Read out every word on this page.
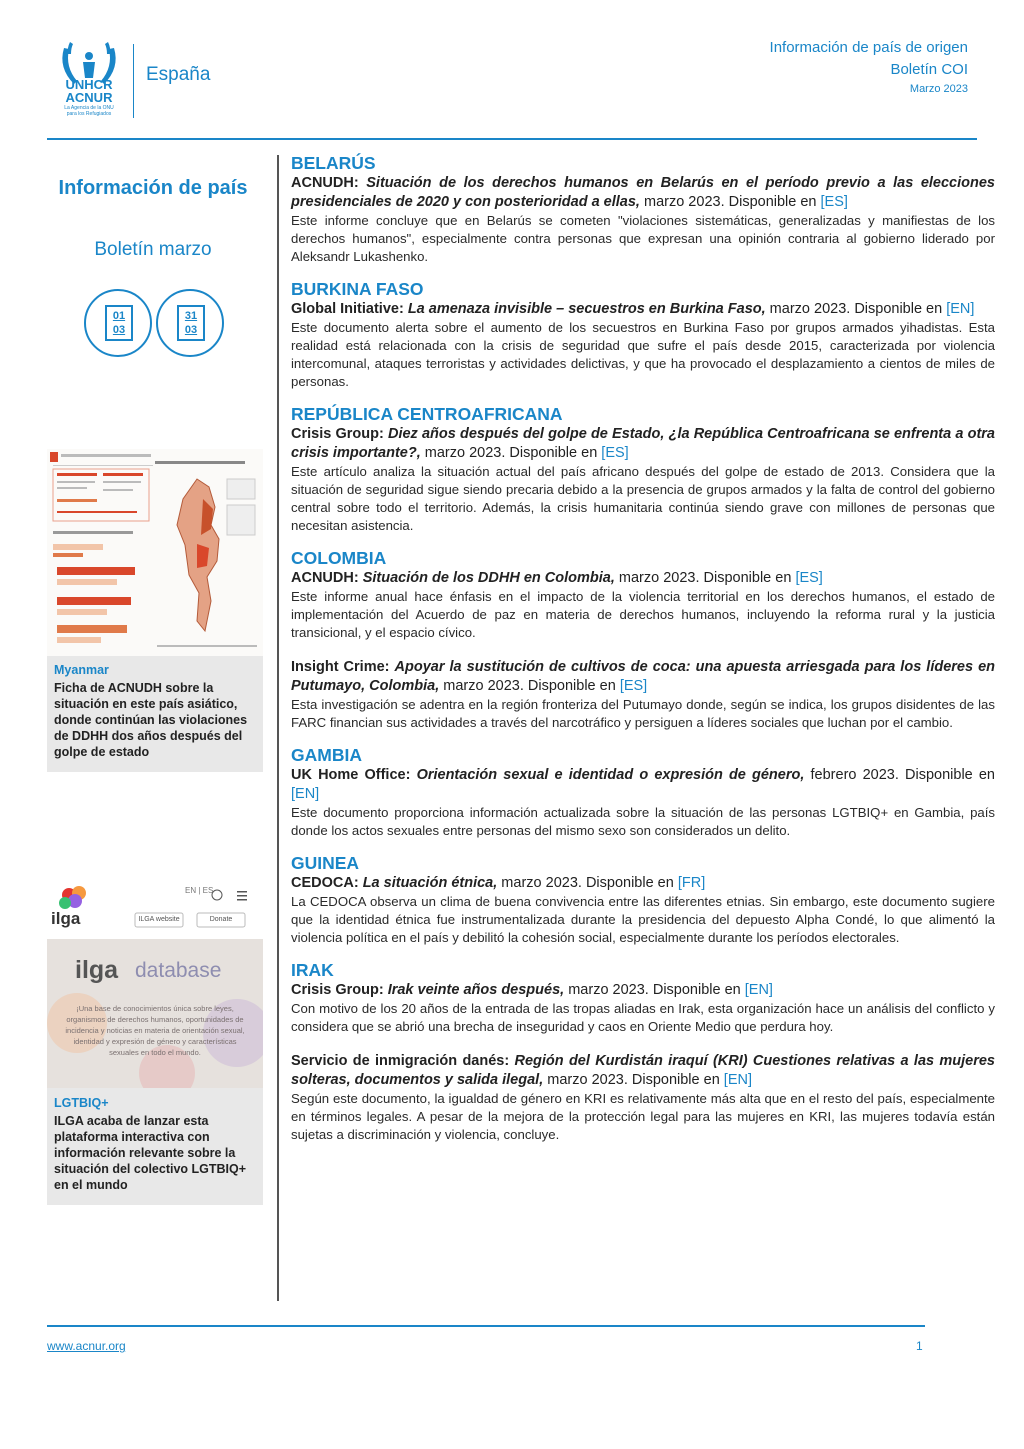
UNHCR
ACNUR
La Agencia de la ONU para los Refugiados
España
Información de país de origen
Boletín COI
Marzo 2023
Información de país
Boletín marzo
01
03
31
03
Myanmar
Ficha de ACNUDH sobre la situación en este país asiático, donde continúan las violaciones de DDHH dos años después del golpe de estado
ilga
EN | ES
ILGA website	Donate
ilga database
¡Una base de conocimientos única sobre leyes, organismos de derechos humanos, oportunidades de incidencia y noticias en materia de orientación sexual, identidad y expresión de género y características sexuales en todo el mundo.
LGTBIQ+
ILGA acaba de lanzar esta plataforma interactiva con información relevante sobre la situación del colectivo LGTBIQ+ en el mundo
BELARÚS

ACNUDH: Situación de los derechos humanos en Belarús en el período previo a las elecciones presidenciales de 2020 y con posterioridad a ellas, marzo 2023. Disponible en [ES]

Este informe concluye que en Belarús se cometen "violaciones sistemáticas, generalizadas y manifiestas de los derechos humanos", especialmente contra personas que expresan una opinión contraria al gobierno liderado por Aleksandr Lukashenko.

BURKINA FASO

Global Initiative: La amenaza invisible – secuestros en Burkina Faso, marzo 2023. Disponible en [EN]

Este documento alerta sobre el aumento de los secuestros en Burkina Faso por grupos armados yihadistas. Esta realidad está relacionada con la crisis de seguridad que sufre el país desde 2015, caracterizada por violencia intercomunal, ataques terroristas y actividades delictivas, y que ha provocado el desplazamiento a cientos de miles de personas.

REPÚBLICA CENTROAFRICANA

Crisis Group: Diez años después del golpe de Estado, ¿la República Centroafricana se enfrenta a otra crisis importante?, marzo 2023. Disponible en [ES]

Este artículo analiza la situación actual del país africano después del golpe de estado de 2013. Considera que la situación de seguridad sigue siendo precaria debido a la presencia de grupos armados y la falta de control del gobierno central sobre todo el territorio. Además, la crisis humanitaria continúa siendo grave con millones de personas que necesitan asistencia.

COLOMBIA

ACNUDH: Situación de los DDHH en Colombia, marzo 2023. Disponible en [ES]

Este informe anual hace énfasis en el impacto de la violencia territorial en los derechos humanos, el estado de implementación del Acuerdo de paz en materia de derechos humanos, incluyendo la reforma rural y la justicia transicional, y el espacio cívico.

Insight Crime: Apoyar la sustitución de cultivos de coca: una apuesta arriesgada para los líderes en Putumayo, Colombia, marzo 2023. Disponible en [ES]

Esta investigación se adentra en la región fronteriza del Putumayo donde, según se indica, los grupos disidentes de las FARC financian sus actividades a través del narcotráfico y persiguen a líderes sociales que luchan por el cambio.

GAMBIA

UK Home Office: Orientación sexual e identidad o expresión de género, febrero 2023. Disponible en [EN]

Este documento proporciona información actualizada sobre la situación de las personas LGTBIQ+ en Gambia, país donde los actos sexuales entre personas del mismo sexo son considerados un delito.

GUINEA

CEDOCA: La situación étnica, marzo 2023. Disponible en [FR]

La CEDOCA observa un clima de buena convivencia entre las diferentes etnias. Sin embargo, este documento sugiere que la identidad étnica fue instrumentalizada durante la presidencia del depuesto Alpha Condé, lo que alimentó la violencia política en el país y debilitó la cohesión social, especialmente durante los períodos electorales.

IRAK

Crisis Group: Irak veinte años después, marzo 2023. Disponible en [EN]

Con motivo de los 20 años de la entrada de las tropas aliadas en Irak, esta organización hace un análisis del conflicto y considera que se abrió una brecha de inseguridad y caos en Oriente Medio que perdura hoy.

Servicio de inmigración danés: Región del Kurdistán iraquí (KRI) Cuestiones relativas a las mujeres solteras, documentos y salida ilegal, marzo 2023. Disponible en [EN]

Según este documento, la igualdad de género en KRI es relativamente más alta que en el resto del país, especialmente en términos legales. A pesar de la mejora de la protección legal para las mujeres en KRI, las mujeres todavía están sujetas a discriminación y violencia, concluye.

www.acnur.org	1
